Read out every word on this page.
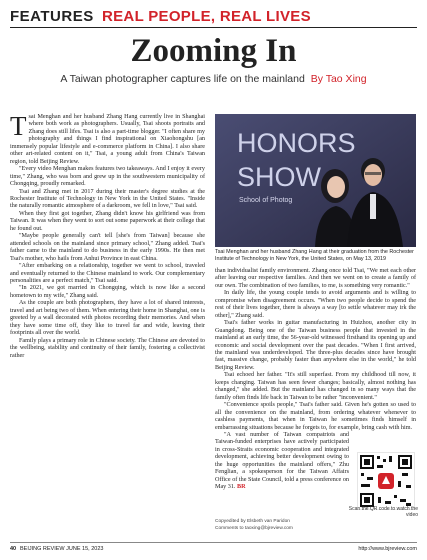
FEATURES REAL PEOPLE, REAL LIVES
Zooming In
A Taiwan photographer captures life on the mainland By Tao Xing

Tsai Menghan and her husband Zhang Hang currently live in Shanghai where both work as photographers. Usually, Tsai shoots portraits and Zhang does still lifes. Tsai is also a part-time blogger. "I often share my photography and things I find inspirational on Xiaohongshu [an immensely popular lifestyle and e-commerce platform in China]. I also share other art-related content on it," Tsai, a young adult from China's Taiwan region, told Beijing Review.

"Every video Menghan makes features two takeaways. And I enjoy it every time," Zhang, who was born and grew up in the southwestern municipality of Chongqing, proudly remarked.

Tsai and Zhang met in 2017 during their master's degree studies at the Rochester Institute of Technology in New York in the United States. "Inside the naturally romantic atmosphere of a darkroom, we fell in love," Tsai said.

When they first got together, Zhang didn't know his girlfriend was from Taiwan. It was when they went to sort out some paperwork at their college that he found out.

"Maybe people generally can't tell [she's from Taiwan] because she attended schools on the mainland since primary school," Zhang added. Tsai's father came to the mainland to do business in the early 1990s. He then met Tsai's mother, who hails from Anhui Province in east China.

"After embarking on a relationship, together we went to school, traveled and eventually returned to the Chinese mainland to work. Our complementary personalities are a perfect match," Tsai said.

"In 2021, we got married in Chongqing, which is now like a second hometown to my wife," Zhang said.

As the couple are both photographers, they have a lot of shared interests, travel and art being two of them. When entering their home in Shanghai, one is greeted by a wall decorated with photos recording their memories. And when they have some time off, they like to travel far and wide, leaving their footprints all over the world.

Family plays a primary role in Chinese society. The Chinese are devoted to the wellbeing, stability and continuity of their family, fostering a collectivist rather

HONORS
SHOW
School of Photog
Tsai Menghan and her husband Zhang Hang at their graduation from the Rochester Institute of Technology in New York, the United States, on May 13, 2019

than individualist family environment. Zhang once told Tsai, "We met each other after leaving our respective families. And then we went on to create a family of our own. The combination of two families, to me, is something very romantic."

In daily life, the young couple tends to avoid arguments and is willing to compromise when disagreement occurs. "When two people decide to spend the rest of their lives together, there is always a way [to settle whatever may irk the other]," Zhang said.

Tsai's father works in guitar manufacturing in Huizhou, another city in Guangdong. Being one of the Taiwan business people that invested in the mainland at an early time, the 56-year-old witnessed firsthand its opening up and economic and social development over the past decades. "When I first arrived, the mainland was underdeveloped. The three-plus decades since have brought fast, massive change, probably faster than anywhere else in the world," he told Beijing Review.

Tsai echoed her father. "It's still superfast. From my childhood till now, it keeps changing. Taiwan has seen fewer changes; basically, almost nothing has changed," she added. But the mainland has changed in so many ways that the family often finds life back in Taiwan to be rather "inconvenient."

"Convenience spoils people," Tsai's father said. Given he's gotten so used to all the convenience on the mainland, from ordering whatever whenever to cashless payments, that when in Taiwan he sometimes finds himself in embarrassing situations because he forgets to, for example, bring cash with him.

"A vast number of Taiwan compatriots and Taiwan-funded enterprises have actively participated in cross-Straits economic cooperation and integrated development, achieving better development owing to the huge opportunities the mainland offers," Zhu Fenglian, a spokesperson for the Taiwan Affairs Office of the State Council, told a press conference on May 31. BR

Scan the QR code to watch the video
Copyedited by Elsbeth van Paridon
Comments to taoxing@bjreview.com
40 BEIJING REVIEW JUNE 15, 2023	http://www.bjreview.com
